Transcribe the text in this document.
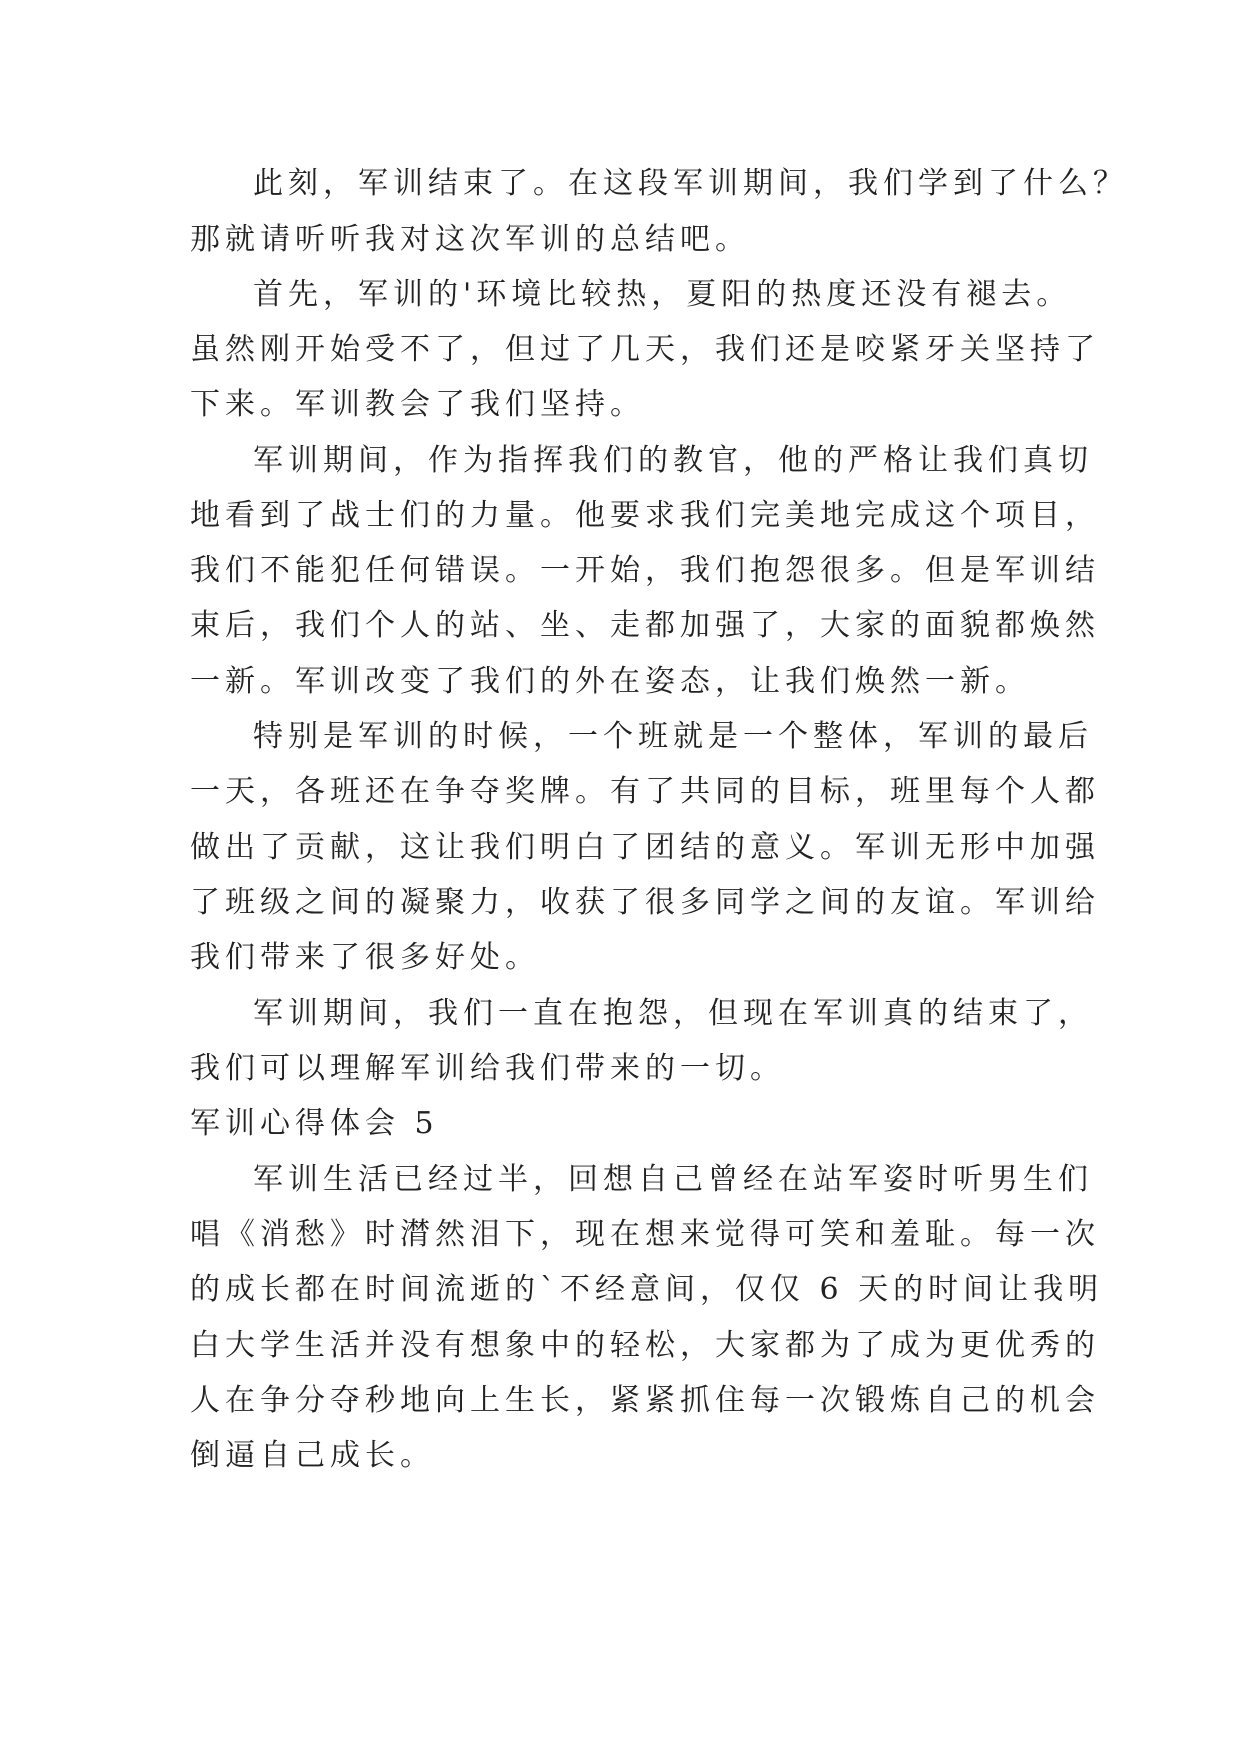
此刻，军训结束了。在这段军训期间，我们学到了什么？
那就请听听我对这次军训的总结吧。
首先，军训的'环境比较热，夏阳的热度还没有褪去。
虽然刚开始受不了，但过了几天，我们还是咬紧牙关坚持了
下来。军训教会了我们坚持。
军训期间，作为指挥我们的教官，他的严格让我们真切
地看到了战士们的力量。他要求我们完美地完成这个项目，
我们不能犯任何错误。一开始，我们抱怨很多。但是军训结
束后，我们个人的站、坐、走都加强了，大家的面貌都焕然
一新。军训改变了我们的外在姿态，让我们焕然一新。
特别是军训的时候，一个班就是一个整体，军训的最后
一天，各班还在争夺奖牌。有了共同的目标，班里每个人都
做出了贡献，这让我们明白了团结的意义。军训无形中加强
了班级之间的凝聚力，收获了很多同学之间的友谊。军训给
我们带来了很多好处。
军训期间，我们一直在抱怨，但现在军训真的结束了，
我们可以理解军训给我们带来的一切。
军训心得体会 5
军训生活已经过半，回想自己曾经在站军姿时听男生们
唱《消愁》时潸然泪下，现在想来觉得可笑和羞耻。每一次
的成长都在时间流逝的`不经意间，仅仅 6 天的时间让我明
白大学生活并没有想象中的轻松，大家都为了成为更优秀的
人在争分夺秒地向上生长，紧紧抓住每一次锻炼自己的机会
倒逼自己成长。
